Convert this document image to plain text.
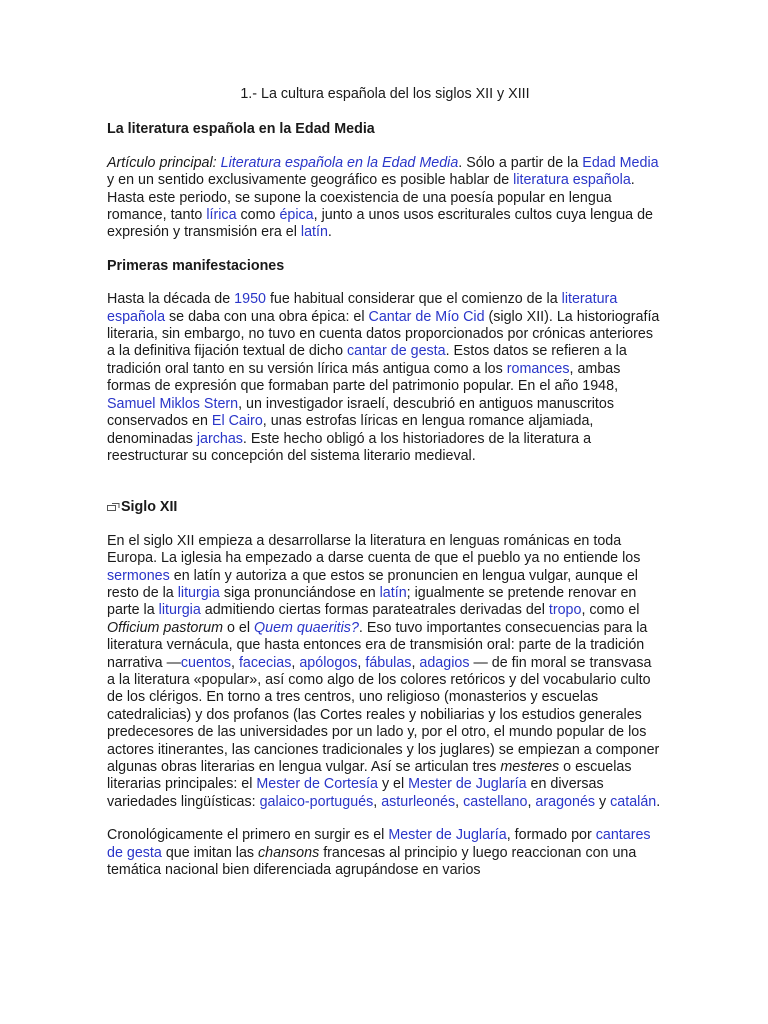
1.- La cultura española del los siglos XII y XIII

La literatura española en la Edad Media

Artículo principal: Literatura española en la Edad Media. Sólo a partir de la Edad Media y en un sentido exclusivamente geográfico es posible hablar de literatura española. Hasta este periodo, se supone la coexistencia de una poesía popular en lengua romance, tanto lírica como épica, junto a unos usos escriturales cultos cuya lengua de expresión y transmisión era el latín.

Primeras manifestaciones

Hasta la década de 1950 fue habitual considerar que el comienzo de la literatura española se daba con una obra épica: el Cantar de Mío Cid (siglo XII). La historiografía literaria, sin embargo, no tuvo en cuenta datos proporcionados por crónicas anteriores a la definitiva fijación textual de dicho cantar de gesta. Estos datos se refieren a la tradición oral tanto en su versión lírica más antigua como a los romances, ambas formas de expresión que formaban parte del patrimonio popular. En el año 1948, Samuel Miklos Stern, un investigador israelí, descubrió en antiguos manuscritos conservados en El Cairo, unas estrofas líricas en lengua romance aljamiada, denominadas jarchas. Este hecho obligó a los historiadores de la literatura a reestructurar su concepción del sistema literario medieval.

Siglo XII

En el siglo XII empieza a desarrollarse la literatura en lenguas románicas en toda Europa. La iglesia ha empezado a darse cuenta de que el pueblo ya no entiende los sermones en latín y autoriza a que estos se pronuncien en lengua vulgar, aunque el resto de la liturgia siga pronunciándose en latín; igualmente se pretende renovar en parte la liturgia admitiendo ciertas formas parateatrales derivadas del tropo, como el Officium pastorum o el Quem quaeritis?. Eso tuvo importantes consecuencias para la literatura vernácula, que hasta entonces era de transmisión oral: parte de la tradición narrativa —cuentos, facecias, apólogos, fábulas, adagios — de fin moral se transvasa a la literatura «popular», así como algo de los colores retóricos y del vocabulario culto de los clérigos. En torno a tres centros, uno religioso (monasterios y escuelas catedralicias) y dos profanos (las Cortes reales y nobiliarias y los estudios generales predecesores de las universidades por un lado y, por el otro, el mundo popular de los actores itinerantes, las canciones tradicionales y los juglares) se empiezan a componer algunas obras literarias en lengua vulgar. Así se articulan tres mesteres o escuelas literarias principales: el Mester de Cortesía y el Mester de Juglaría en diversas variedades lingüísticas: galaico-portugués, asturleonés, castellano, aragonés y catalán.

Cronológicamente el primero en surgir es el Mester de Juglaría, formado por cantares de gesta que imitan las chansons francesas al principio y luego reaccionan con una temática nacional bien diferenciada agrupándose en varios
